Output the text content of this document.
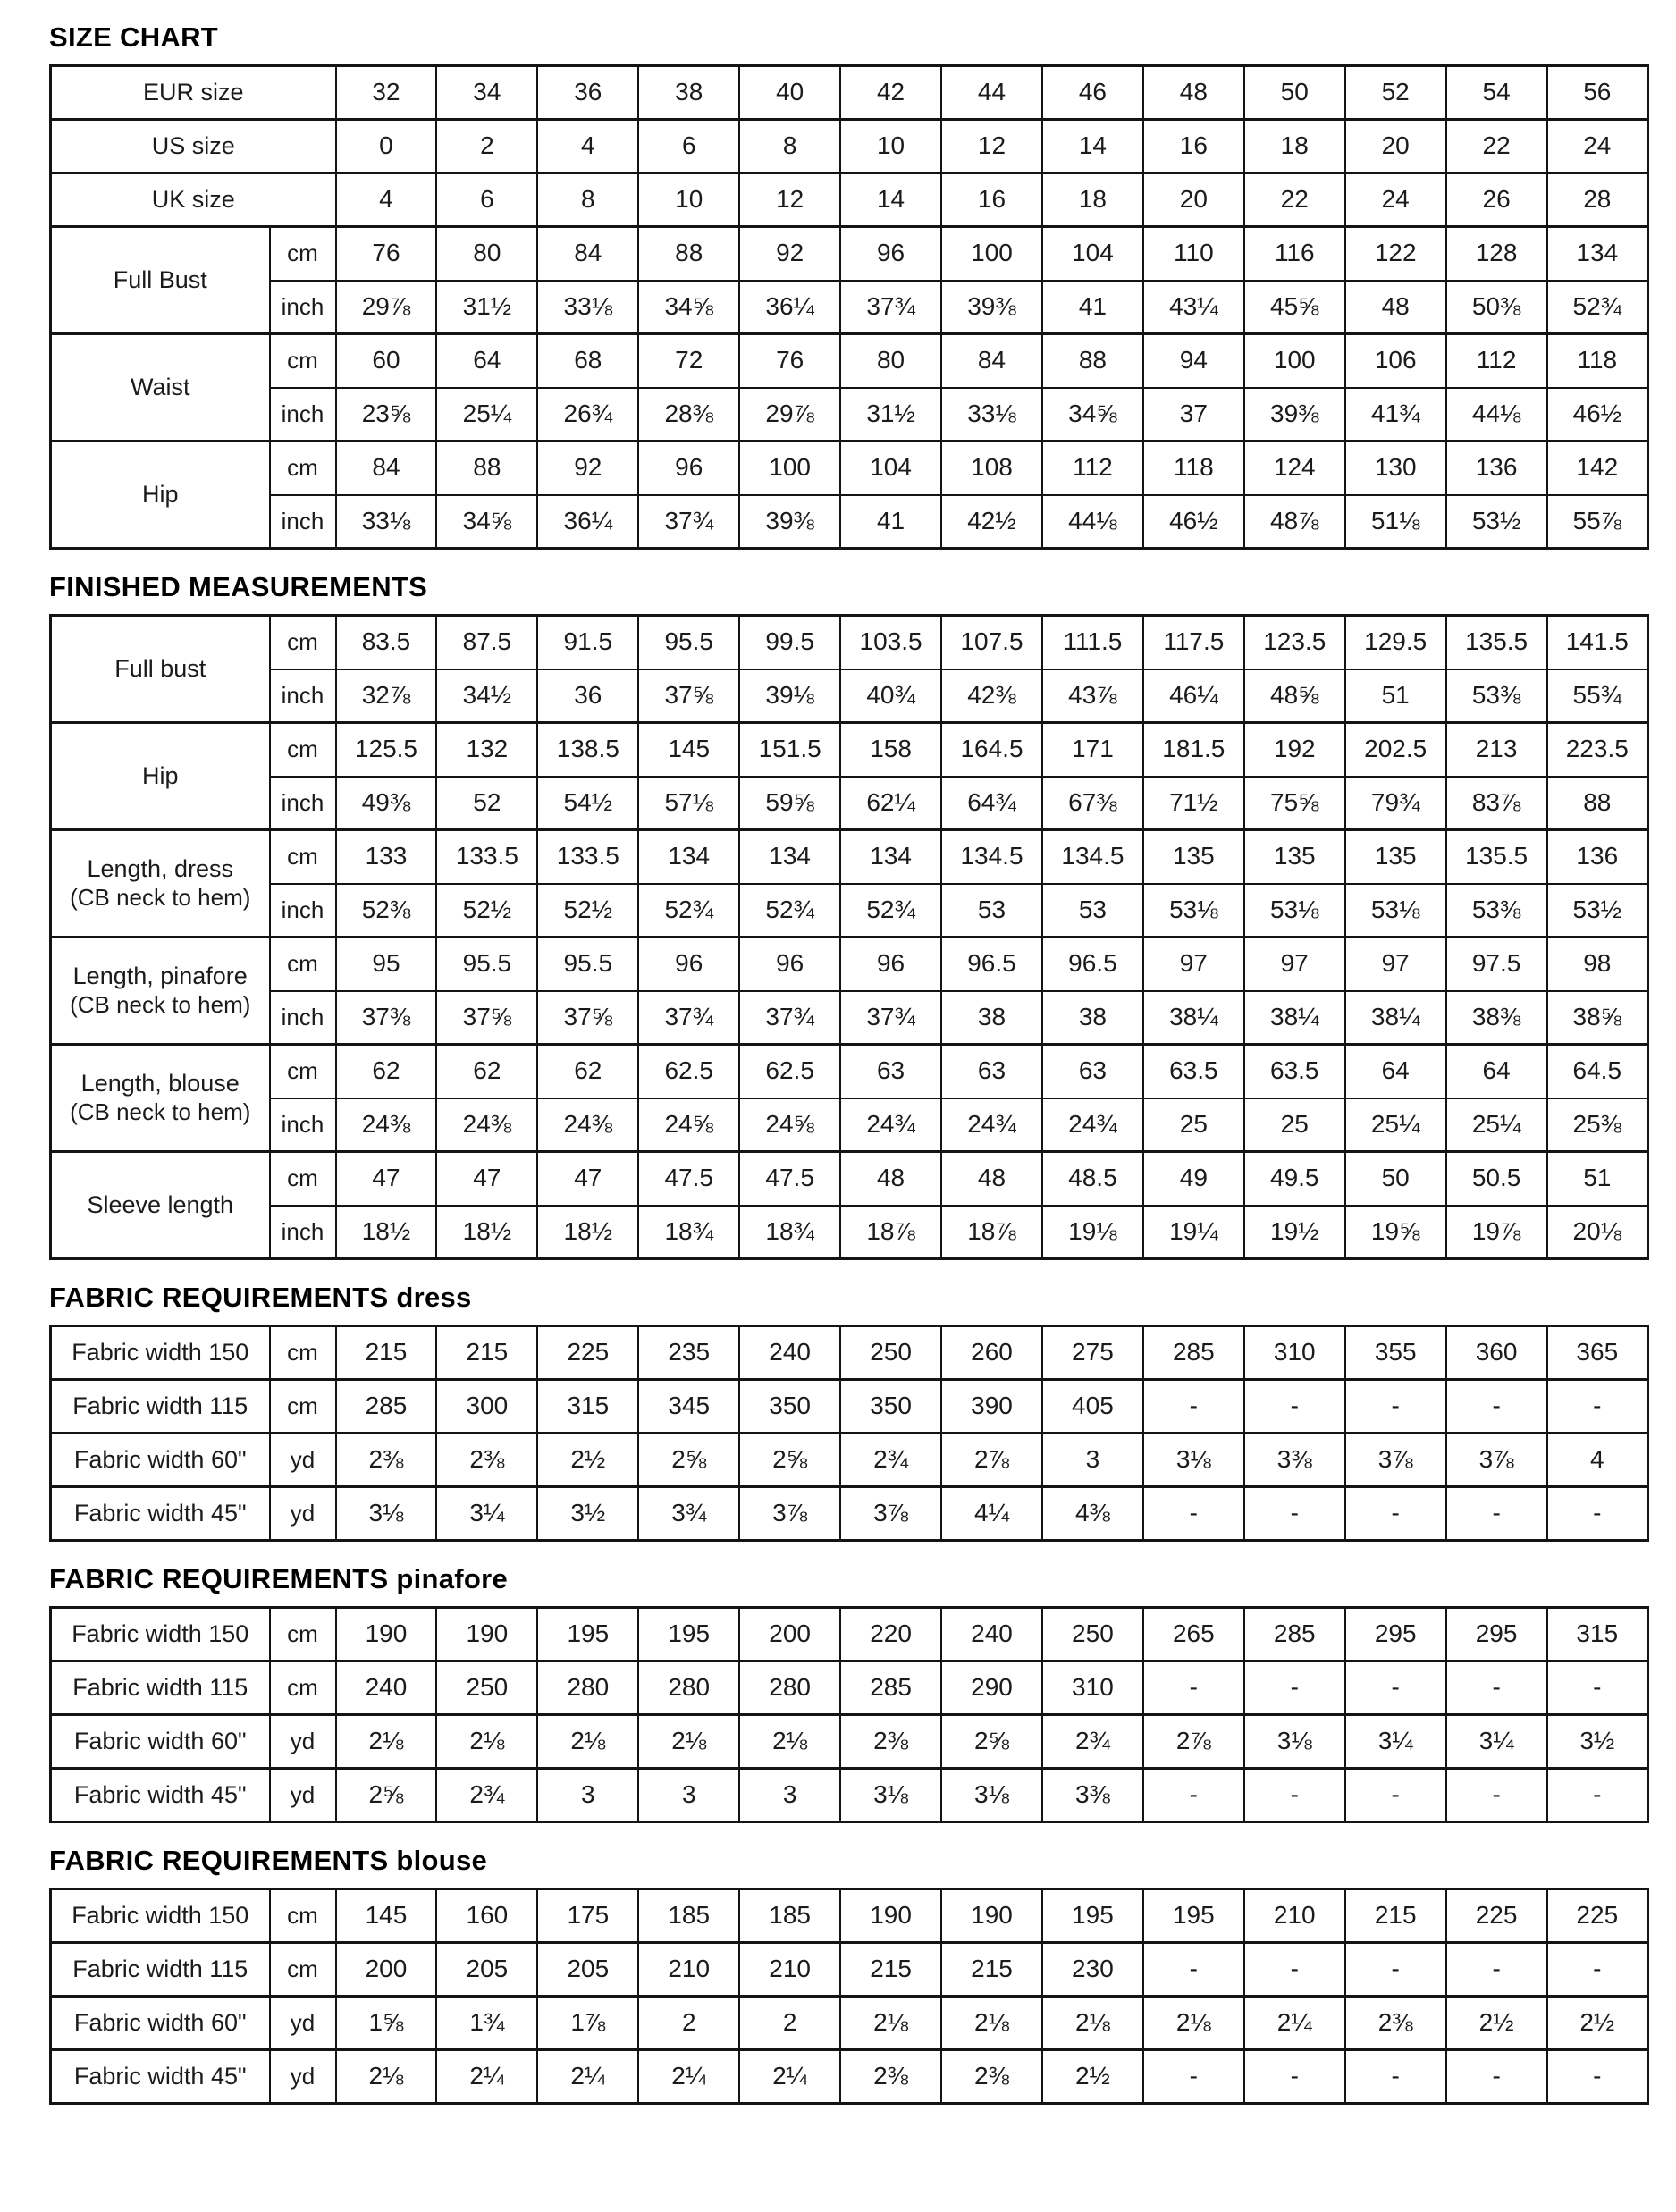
SIZE CHART
EUR size		32	34	36	38	40	42	44	46	48	50	52	54	56

US size		0	2	4	6	8	10	12	14	16	18	20	22	24

UK size		4	6	8	10	12	14	16	18	20	22	24	26	28

Full Bust	cm	76	80	84	88	92	96	100	104	110	116	122	128	134
	inch	29⅞	31½	33⅛	34⅝	36¼	37¾	39⅜	41	43¼	45⅝	48	50⅜	52¾

Waist	cm	60	64	68	72	76	80	84	88	94	100	106	112	118
	inch	23⅝	25¼	26¾	28⅜	29⅞	31½	33⅛	34⅝	37	39⅜	41¾	44⅛	46½

Hip	cm	84	88	92	96	100	104	108	112	118	124	130	136	142
	inch	33⅛	34⅝	36¼	37¾	39⅜	41	42½	44⅛	46½	48⅞	51⅛	53½	55⅞
FINISHED MEASUREMENTS
Full bust	cm	83.5	87.5	91.5	95.5	99.5	103.5	107.5	111.5	117.5	123.5	129.5	135.5	141.5
	inch	32⅞	34½	36	37⅝	39⅛	40¾	42⅜	43⅞	46¼	48⅝	51	53⅜	55¾

Hip	cm	125.5	132	138.5	145	151.5	158	164.5	171	181.5	192	202.5	213	223.5
	inch	49⅜	52	54½	57⅛	59⅝	62¼	64¾	67⅜	71½	75⅝	79¾	83⅞	88

Length, dress
(CB neck to hem)	cm	133	133.5	133.5	134	134	134	134.5	134.5	135	135	135	135.5	136
	inch	52⅜	52½	52½	52¾	52¾	52¾	53	53	53⅛	53⅛	53⅛	53⅜	53½

Length, pinafore
(CB neck to hem)	cm	95	95.5	95.5	96	96	96	96.5	96.5	97	97	97	97.5	98
	inch	37⅜	37⅝	37⅝	37¾	37¾	37¾	38	38	38¼	38¼	38¼	38⅜	38⅝

Length, blouse
(CB neck to hem)	cm	62	62	62	62.5	62.5	63	63	63	63.5	63.5	64	64	64.5
	inch	24⅜	24⅜	24⅜	24⅝	24⅝	24¾	24¾	24¾	25	25	25¼	25¼	25⅜

Sleeve length	cm	47	47	47	47.5	47.5	48	48	48.5	49	49.5	50	50.5	51
	inch	18½	18½	18½	18¾	18¾	18⅞	18⅞	19⅛	19¼	19½	19⅝	19⅞	20⅛
FABRIC REQUIREMENTS dress
Fabric width 150	cm	215	215	225	235	240	250	260	275	285	310	355	360	365

Fabric width 115	cm	285	300	315	345	350	350	390	405	-	-	-	-	-

Fabric width 60"	yd	2⅜	2⅜	2½	2⅝	2⅝	2¾	2⅞	3	3⅛	3⅜	3⅞	3⅞	4

Fabric width 45"	yd	3⅛	3¼	3½	3¾	3⅞	3⅞	4¼	4⅜	-	-	-	-	-
FABRIC REQUIREMENTS pinafore
Fabric width 150	cm	190	190	195	195	200	220	240	250	265	285	295	295	315

Fabric width 115	cm	240	250	280	280	280	285	290	310	-	-	-	-	-

Fabric width 60"	yd	2⅛	2⅛	2⅛	2⅛	2⅛	2⅜	2⅝	2¾	2⅞	3⅛	3¼	3¼	3½

Fabric width 45"	yd	2⅝	2¾	3	3	3	3⅛	3⅛	3⅜	-	-	-	-	-
FABRIC REQUIREMENTS blouse
Fabric width 150	cm	145	160	175	185	185	190	190	195	195	210	215	225	225

Fabric width 115	cm	200	205	205	210	210	215	215	230	-	-	-	-	-

Fabric width 60"	yd	1⅝	1¾	1⅞	2	2	2⅛	2⅛	2⅛	2⅛	2¼	2⅜	2½	2½

Fabric width 45"	yd	2⅛	2¼	2¼	2¼	2¼	2⅜	2⅜	2½	-	-	-	-	-
